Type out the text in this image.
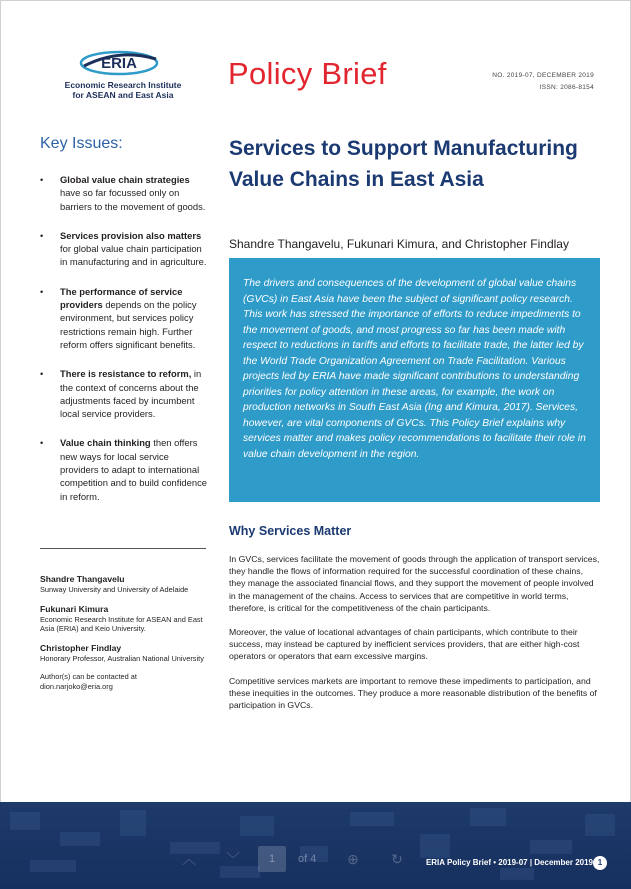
ERIA
Economic Research Institute
for ASEAN and East Asia
Policy Brief	NO. 2019-07, DECEMBER 2019
ISSN: 2086-8154
Key Issues:
• Global value chain strategies have so far focussed only on barriers to the movement of goods.
• Services provision also matters for global value chain participation in manufacturing and in agriculture.
• The performance of service providers depends on the policy environment, but services policy restrictions remain high. Further reform offers significant benefits.
• There is resistance to reform, in the context of concerns about the adjustments faced by incumbent local service providers.
• Value chain thinking then offers new ways for local service providers to adapt to international competition and to build confidence in reform.
Shandre Thangavelu
Sunway University and University of Adelaide
Fukunari Kimura
Economic Research Institute for ASEAN and East Asia (ERIA) and Keio University.
Christopher Findlay
Honorary Professor, Australian National University
Author(s) can be contacted at dion.narjoko@eria.org
Services to Support Manufacturing Value Chains in East Asia
Shandre Thangavelu, Fukunari Kimura, and Christopher Findlay

The drivers and consequences of the development of global value chains (GVCs) in East Asia have been the subject of significant policy research. This work has stressed the importance of efforts to reduce impediments to the movement of goods, and most progress so far has been made with respect to reductions in tariffs and efforts to facilitate trade, the latter led by the World Trade Organization Agreement on Trade Facilitation. Various projects led by ERIA have made significant contributions to understanding priorities for policy attention in these areas, for example, the work on production networks in South East Asia (Ing and Kimura, 2017). Services, however, are vital components of GVCs. This Policy Brief explains why services matter and makes policy recommendations to facilitate their role in value chain development in the region.

Why Services Matter

In GVCs, services facilitate the movement of goods through the application of transport services, they handle the flows of information required for the successful coordination of these chains, they manage the associated financial flows, and they support the movement of people involved in the management of the chains. Access to services that are competitive in world terms, therefore, is critical for the competitiveness of the chain participants.

Moreover, the value of locational advantages of chain participants, which contribute to their success, may instead be captured by inefficient services providers, that are either high-cost operators or operators that earn excessive margins.

Competitive services markets are important to remove these impediments to participation, and these inequities in the outcomes. They produce a more reasonable distribution of the benefits of participation in GVCs.

︿ ﹀	1	of 4	⊕	↻	ERIA Policy Brief • 2019-07 | December 2019 1
